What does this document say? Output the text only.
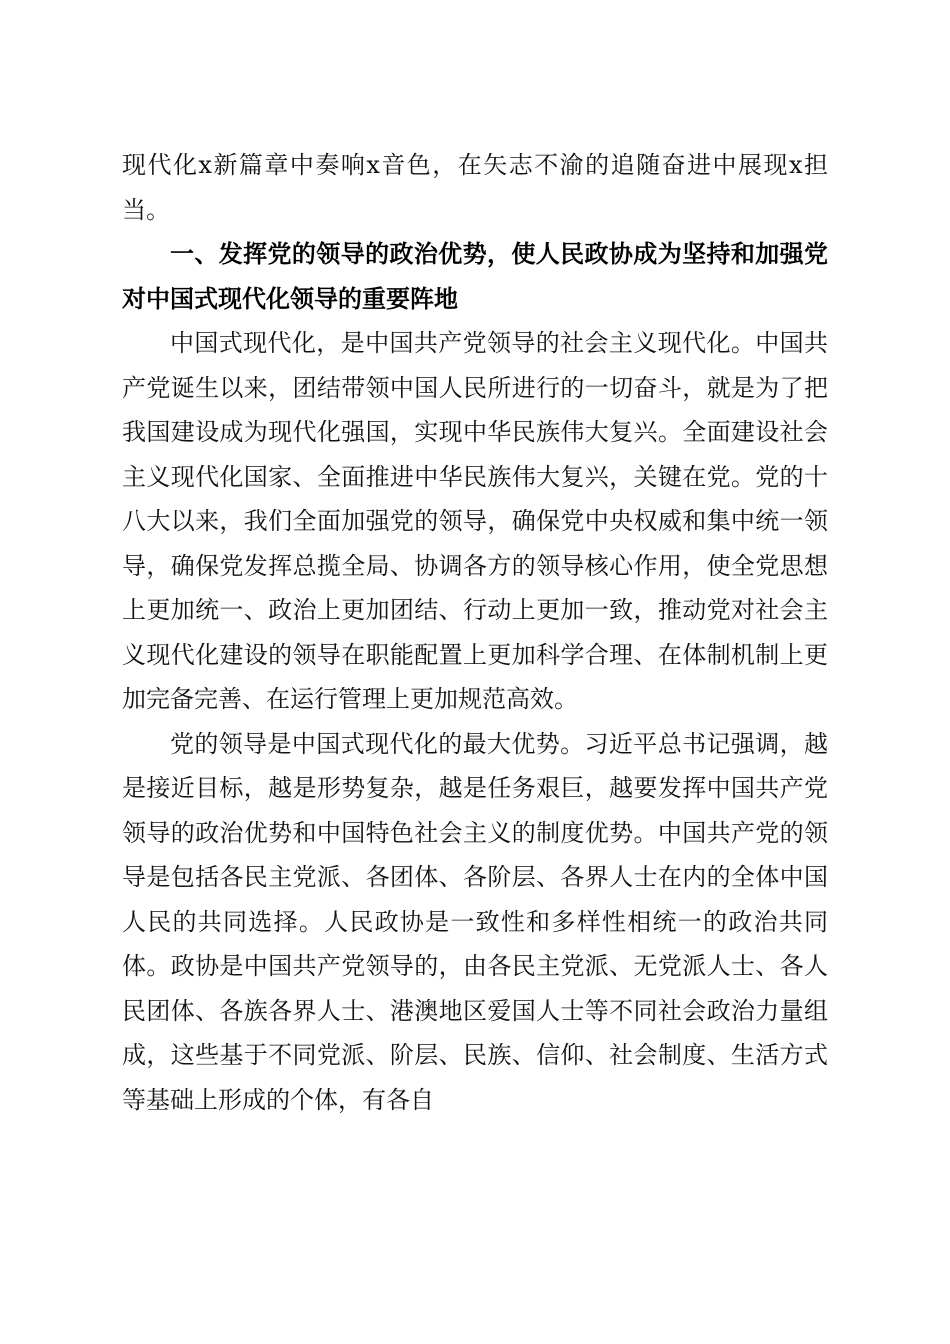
现代化x新篇章中奏响x音色，在矢志不渝的追随奋进中展现x担当。

一、发挥党的领导的政治优势，使人民政协成为坚持和加强党对中国式现代化领导的重要阵地

中国式现代化，是中国共产党领导的社会主义现代化。中国共产党诞生以来，团结带领中国人民所进行的一切奋斗，就是为了把我国建设成为现代化强国，实现中华民族伟大复兴。全面建设社会主义现代化国家、全面推进中华民族伟大复兴，关键在党。党的十八大以来，我们全面加强党的领导，确保党中央权威和集中统一领导，确保党发挥总揽全局、协调各方的领导核心作用，使全党思想上更加统一、政治上更加团结、行动上更加一致，推动党对社会主义现代化建设的领导在职能配置上更加科学合理、在体制机制上更加完备完善、在运行管理上更加规范高效。

党的领导是中国式现代化的最大优势。习近平总书记强调，越是接近目标，越是形势复杂，越是任务艰巨，越要发挥中国共产党领导的政治优势和中国特色社会主义的制度优势。中国共产党的领导是包括各民主党派、各团体、各阶层、各界人士在内的全体中国人民的共同选择。人民政协是一致性和多样性相统一的政治共同体。政协是中国共产党领导的，由各民主党派、无党派人士、各人民团体、各族各界人士、港澳地区爱国人士等不同社会政治力量组成，这些基于不同党派、阶层、民族、信仰、社会制度、生活方式等基础上形成的个体，有各自
